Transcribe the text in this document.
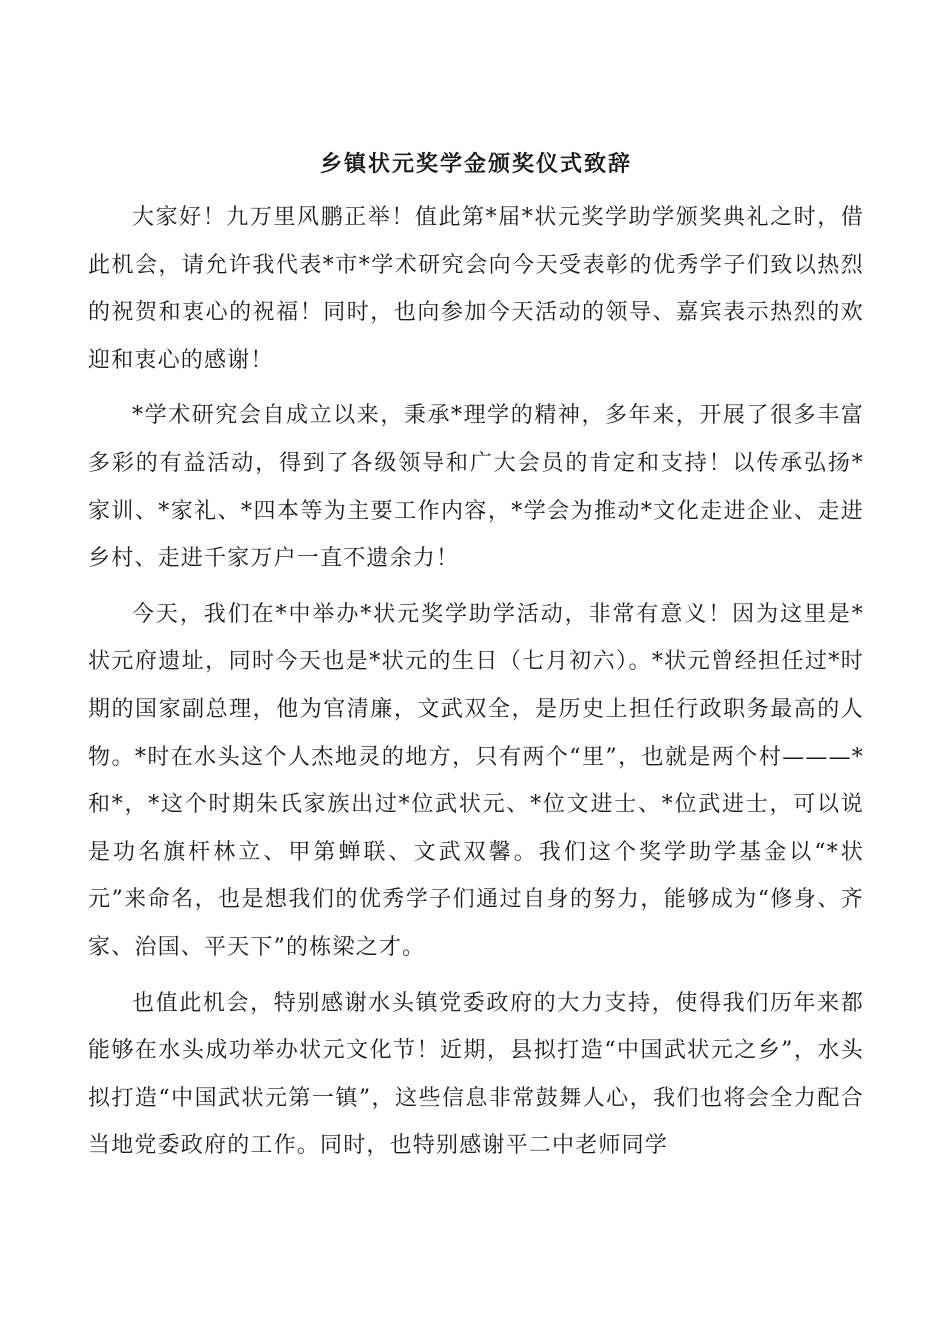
乡镇状元奖学金颁奖仪式致辞

大家好！九万里风鹏正举！值此第*届*状元奖学助学颁奖典礼之时，借此机会，请允许我代表*市*学术研究会向今天受表彰的优秀学子们致以热烈的祝贺和衷心的祝福！同时，也向参加今天活动的领导、嘉宾表示热烈的欢迎和衷心的感谢！

*学术研究会自成立以来，秉承*理学的精神，多年来，开展了很多丰富多彩的有益活动，得到了各级领导和广大会员的肯定和支持！以传承弘扬*家训、*家礼、*四本等为主要工作内容，*学会为推动*文化走进企业、走进乡村、走进千家万户一直不遗余力！

今天，我们在*中举办*状元奖学助学活动，非常有意义！因为这里是*状元府遗址，同时今天也是*状元的生日（七月初六）。*状元曾经担任过*时期的国家副总理，他为官清廉，文武双全，是历史上担任行政职务最高的人物。*时在水头这个人杰地灵的地方，只有两个“里”，也就是两个村———*和*，*这个时期朱氏家族出过*位武状元、*位文进士、*位武进士，可以说是功名旗杆林立、甲第蝉联、文武双馨。我们这个奖学助学基金以“*状元”来命名，也是想我们的优秀学子们通过自身的努力，能够成为“修身、齐家、治国、平天下”的栋梁之才。

也值此机会，特别感谢水头镇党委政府的大力支持，使得我们历年来都能够在水头成功举办状元文化节！近期，县拟打造“中国武状元之乡”，水头拟打造“中国武状元第一镇”，这些信息非常鼓舞人心，我们也将会全力配合当地党委政府的工作。同时，也特别感谢平二中老师同学
